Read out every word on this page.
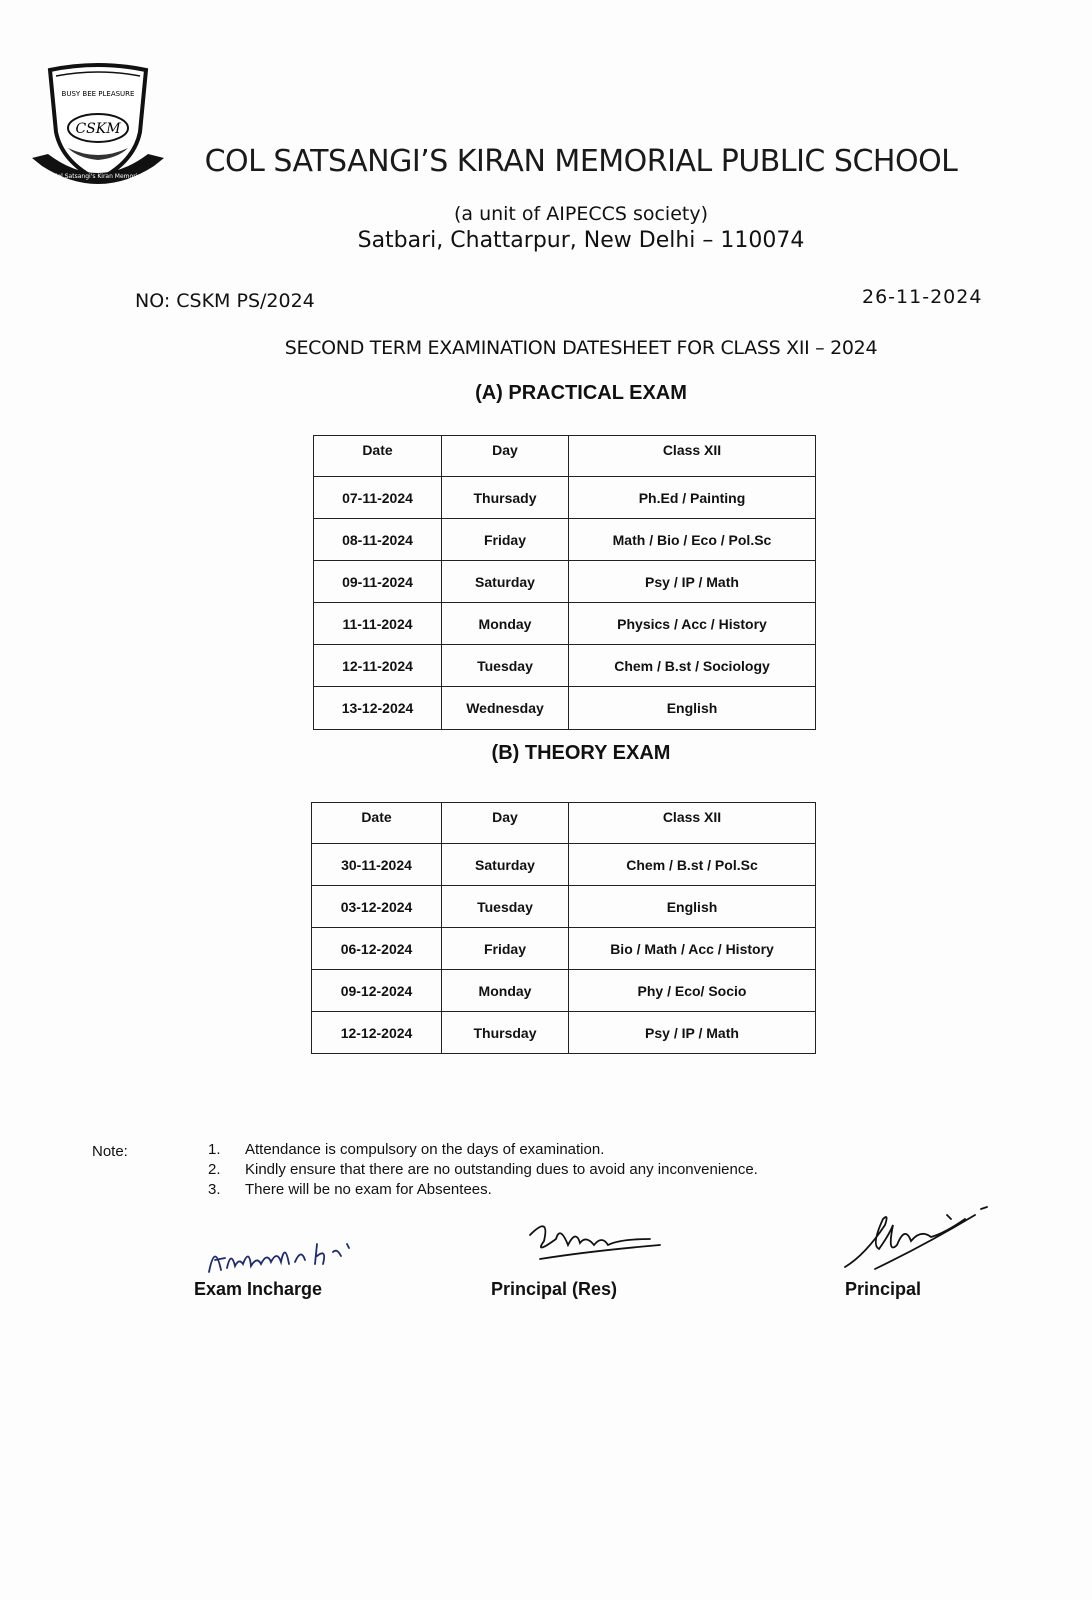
BUSY BEE PLEASURE
CSKM
Col Satsangi's Kiran Memorial	COL SATSANGI’S KIRAN MEMORIAL PUBLIC SCHOOL
(a unit of AIPECCS society)
Satbari, Chattarpur, New Delhi – 110074
NO: CSKM PS/2024	26-11-2024
SECOND TERM EXAMINATION DATESHEET FOR CLASS XII – 2024
(A) PRACTICAL EXAM
Date	Day	Class XII
07-11-2024	Thursady	Ph.Ed / Painting
08-11-2024	Friday	Math / Bio / Eco / Pol.Sc
09-11-2024	Saturday	Psy / IP / Math
11-11-2024	Monday	Physics / Acc / History
12-11-2024	Tuesday	Chem / B.st / Sociology
13-12-2024	Wednesday	English
(B) THEORY EXAM
Date	Day	Class XII
30-11-2024	Saturday	Chem / B.st / Pol.Sc
03-12-2024	Tuesday	English
06-12-2024	Friday	Bio / Math / Acc / History
09-12-2024	Monday	Phy / Eco/ Socio
12-12-2024	Thursday	Psy / IP / Math
Note:	1. Attendance is compulsory on the days of examination.
2. Kindly ensure that there are no outstanding dues to avoid any inconvenience.
3. There will be no exam for Absentees.
Exam Incharge	Principal (Res)	Principal
